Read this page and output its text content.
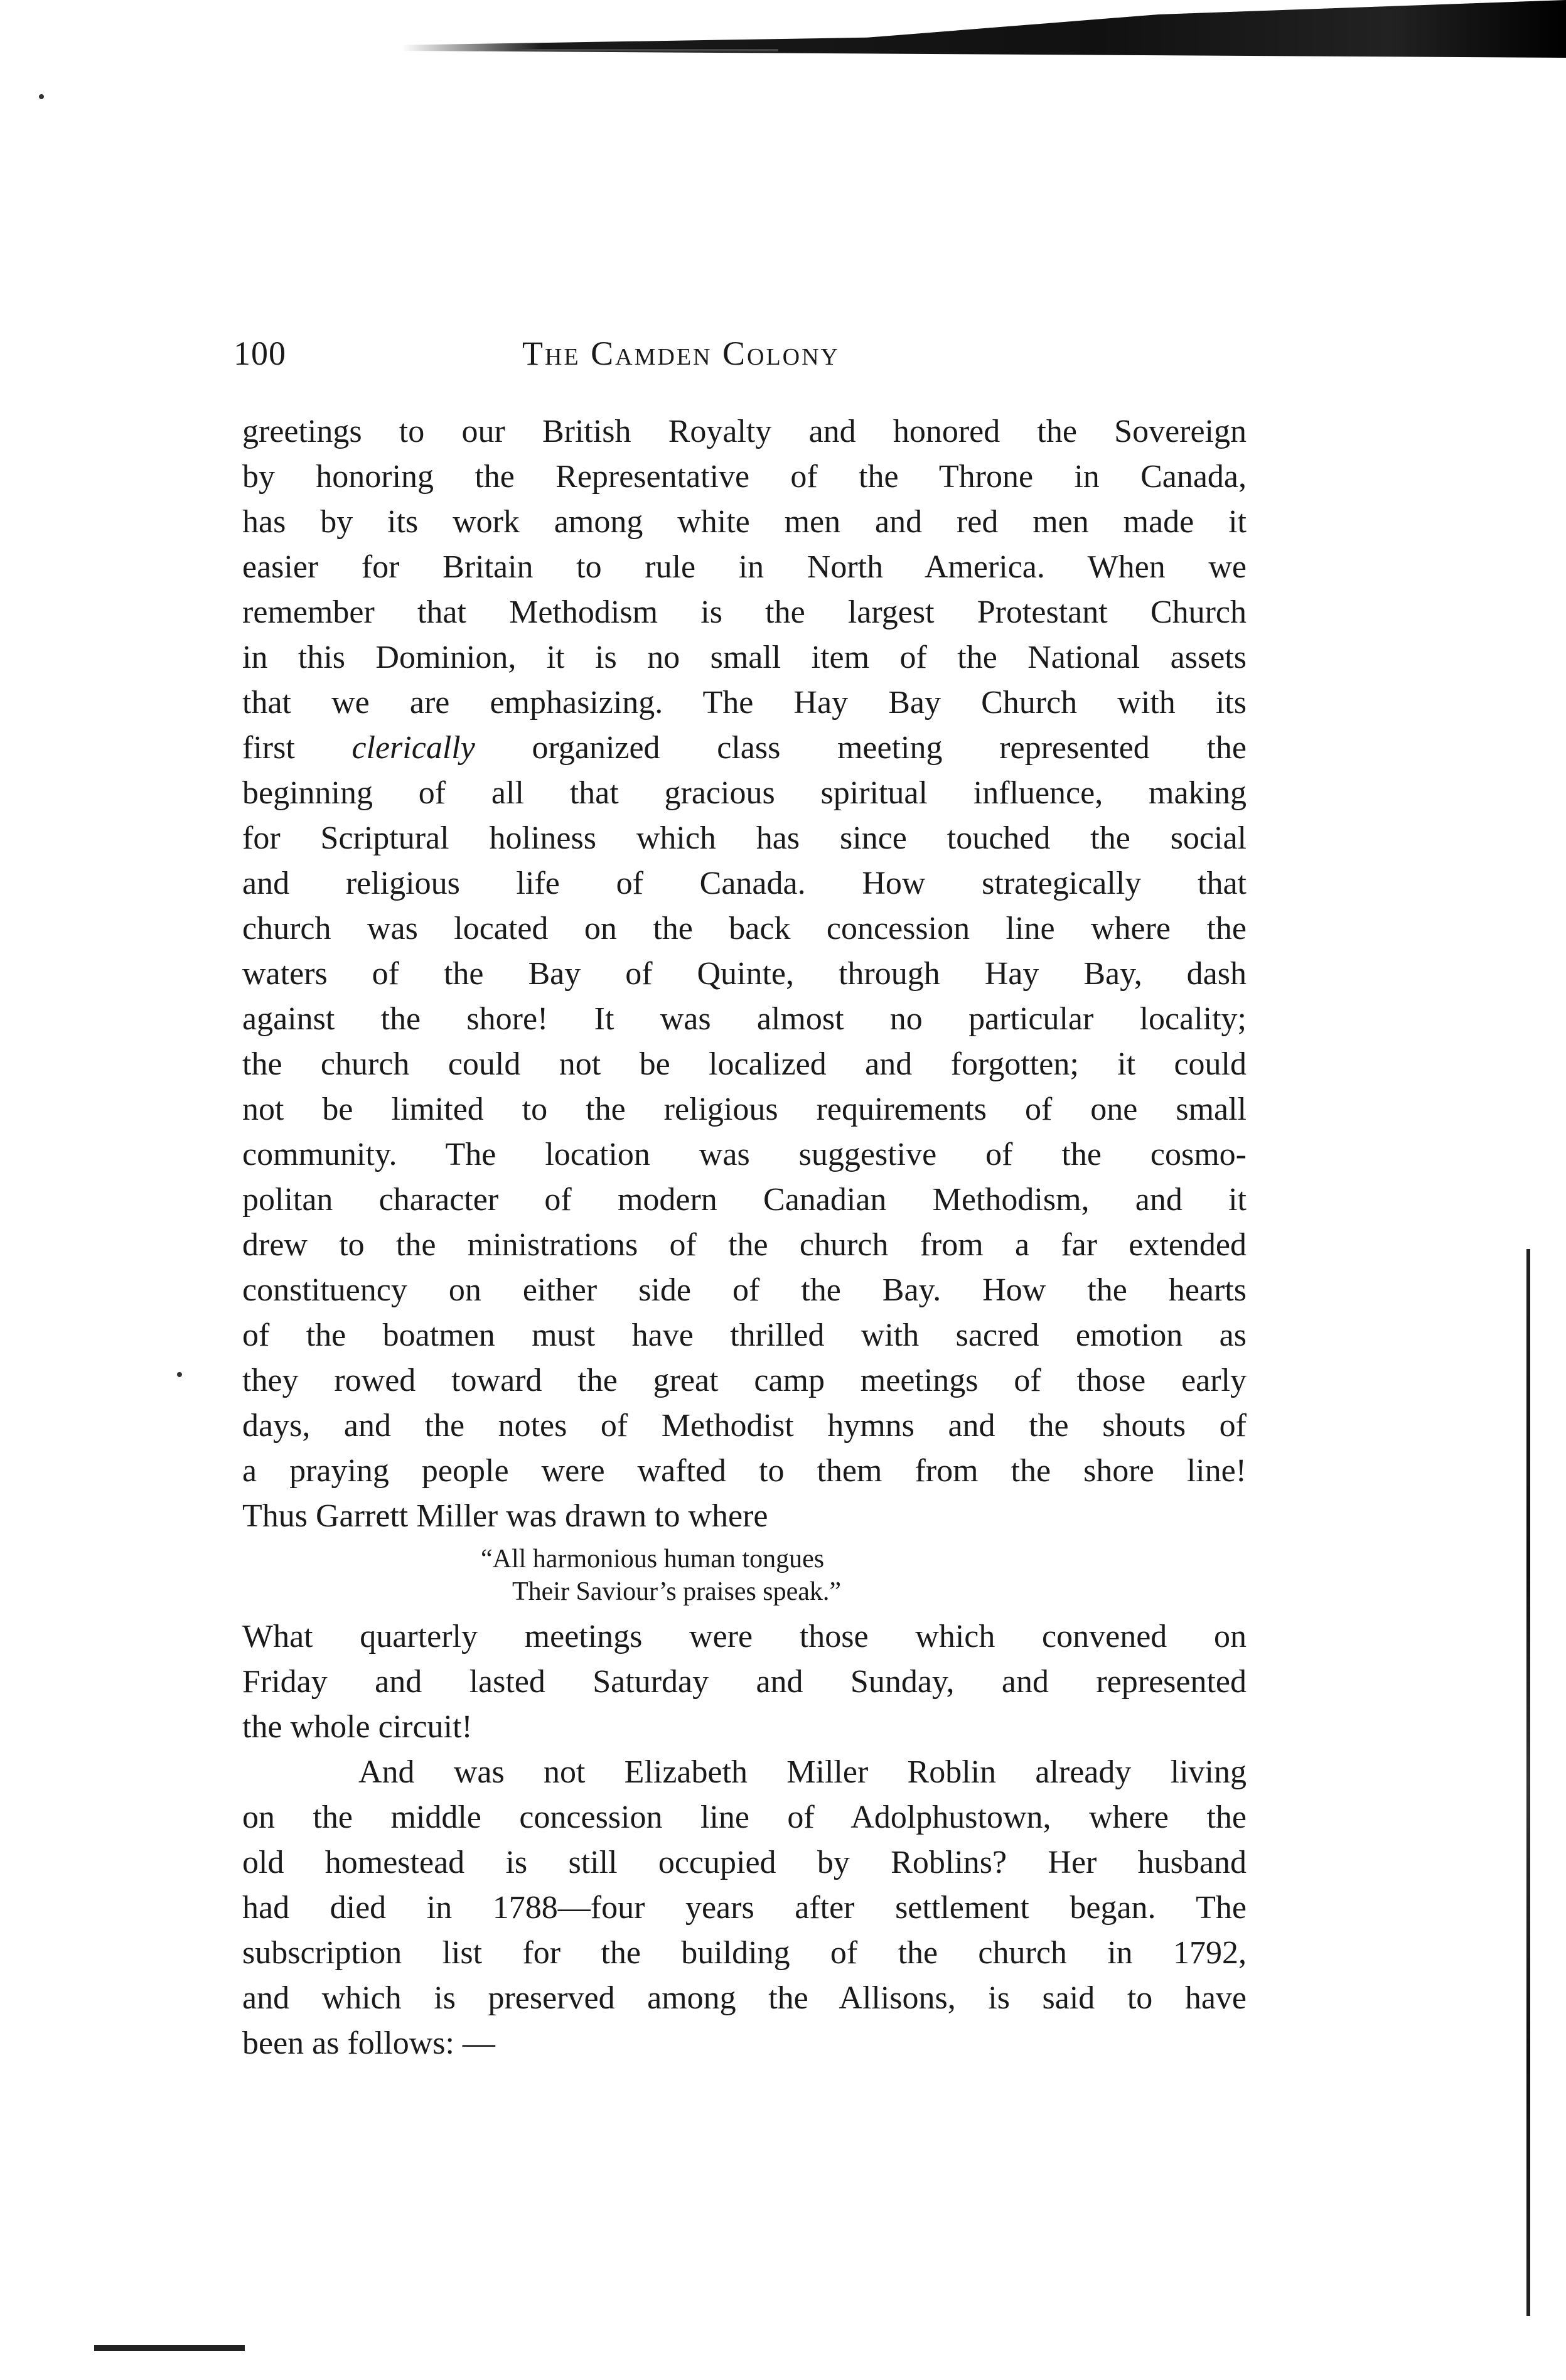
100	The Camden Colony
greetings to our British Royalty and honored the Sovereign
by honoring the Representative of the Throne in Canada,
has by its work among white men and red men made it
easier for Britain to rule in North America. When we
remember that Methodism is the largest Protestant Church
in this Dominion, it is no small item of the National assets
that we are emphasizing. The Hay Bay Church with its
first clerically organized class meeting represented the
beginning of all that gracious spiritual influence, making
for Scriptural holiness which has since touched the social
and religious life of Canada. How strategically that
church was located on the back concession line where the
waters of the Bay of Quinte, through Hay Bay, dash
against the shore! It was almost no particular locality;
the church could not be localized and forgotten; it could
not be limited to the religious requirements of one small
community. The location was suggestive of the cosmo-
politan character of modern Canadian Methodism, and it
drew to the ministrations of the church from a far extended
constituency on either side of the Bay. How the hearts
of the boatmen must have thrilled with sacred emotion as
they rowed toward the great camp meetings of those early
days, and the notes of Methodist hymns and the shouts of
a praying people were wafted to them from the shore line!
Thus Garrett Miller was drawn to where
“All harmonious human tongues
Their Saviour’s praises speak.”
What quarterly meetings were those which convened on
Friday and lasted Saturday and Sunday, and represented
the whole circuit!
And was not Elizabeth Miller Roblin already living
on the middle concession line of Adolphustown, where the
old homestead is still occupied by Roblins? Her husband
had died in 1788—four years after settlement began. The
subscription list for the building of the church in 1792,
and which is preserved among the Allisons, is said to have
been as follows: —
